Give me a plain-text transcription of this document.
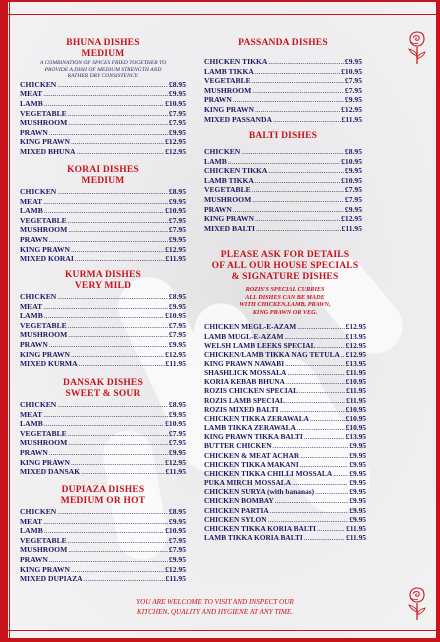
BHUNA DISHES
MEDIUM
A COMBINATION OF SPICES FRIED TOGETHER TO
PROVIDE A DISH OF MEDIUM STRENGTH AND
RATHER DRY CONSISTENCY.
CHICKEN .....	£8.95
MEAT .....	£9.95
LAMB .....	£10.95
VEGETABLE .....	£7.95
MUSHROOM .....	£7.95
PRAWN .....	£9.95
KING PRAWN .....	£12.95
MIXED BHUNA .....	£12.95
KORAI DISHES
MEDIUM
CHICKEN .....	£8.95
MEAT .....	£9.95
LAMB .....	£10.95
VEGETABLE .....	£7.95
MUSHROOM .....	£7.95
PRAWN .....	£9.95
KING PRAWN .....	£12.95
MIXED KORAI .....	£11.95
KURMA DISHES
VERY MILD
CHICKEN .....	£8.95
MEAT .....	£9.95
LAMB .....	£10.95
VEGETABLE .....	£7.95
MUSHROOM .....	£7.95
PRAWN .....	£9.95
KING PRAWN .....	£12.95
MIXED KURMA .....	£11.95
DANSAK DISHES
SWEET & SOUR
CHICKEN .....	£8.95
MEAT .....	£9.95
LAMB .....	£10.95
VEGETABLE .....	£7.95
MUSHROOM .....	£7.95
PRAWN .....	£9.95
KING PRAWN .....	£12.95
MIXED DANSAK .....	£11.95
DUPIAZA DISHES
MEDIUM OR HOT
CHICKEN .....	£8.95
MEAT .....	£9.95
LAMB .....	£10.95
VEGETABLE .....	£7.95
MUSHROOM .....	£7.95
PRAWN .....	£9.95
KING PRAWN .....	£12.95
MIXED DUPIAZA .....	£11.95
PASSANDA DISHES
CHICKEN TIKKA .....	£9.95
LAMB TIKKA .....	£10.95
VEGETABLE .....	£7.95
MUSHROOM .....	£7.95
PRAWN .....	£9.95
KING PRAWN .....	£12.95
MIXED PASSANDA .....	£11.95
BALTI DISHES
CHICKEN .....	£8.95
LAMB .....	£10.95
CHICKEN TIKKA .....	£9.95
LAMB TIKKA .....	£10.95
VEGETABLE .....	£7.95
MUSHROOM .....	£7.95
PRAWN .....	£9.95
KING PRAWN .....	£12.95
MIXED BALTI .....	£11.95
PLEASE ASK FOR DETAILS
OF ALL OUR HOUSE SPECIALS
& SIGNATURE DISHES
ROZIS'S SPECIAL CURRIES
ALL DISHES CAN BE MADE
WITH CHICKEN,LAMB, PRAWN,
KING PRAWN OR VEG.
CHICKEN MEGL-E-AZAM .....	£12.95
LAMB MUGL-E-AZAM .....	£13.95
WELSH LAMB LEEKS SPECIAL .....	£12.95
CHICKEN/LAMB TIKKA NAG TETULA ..... £12.95
KING PRAWN NAWABI .....	£13.95
SHASHLICK MOSSALA .....	£11.95
KORIA KEBAB BHUNA .....	£10.95
ROZIS CHICKEN SPECIAL .....	£11.95
ROZIS LAMB SPECIAL .....	£11.95
ROZIS MIXED BALTI .....	£10.95
CHICKEN TIKKA ZERAWALA .....	£10.95
LAMB TIKKA ZERAWALA .....	£10.95
KING PRAWN TIKKA BALTI .....	£13.95
BUTTER CHICKEN .....	£9.95
CHICKEN & MEAT ACHAR .....	£9.95
CHICKEN TIKKA MAKANI .....	£9.95
CHICKEN TIKKA CHILLI MOSSALA ..... £9.95
PUKA MIRCH MOSSALA .....	£9.95
CHICKEN SURYA (with bananas) .....	£9.95
CHICKEN BOMBAY .....	£9.95
CHICKEN PARTIA .....	£9.95
CHICKEN SYLON .....	£9.95
CHICKEN TIKKA KORIA BALTI .....	£11.95
LAMB TIKKA KORIA BALTI .....	£11.95
YOU ARE WELCOME TO VISIT AND INSPECT OUR
KITCHEN, QUALITY AND HYGIENE AT ANY TIME.
